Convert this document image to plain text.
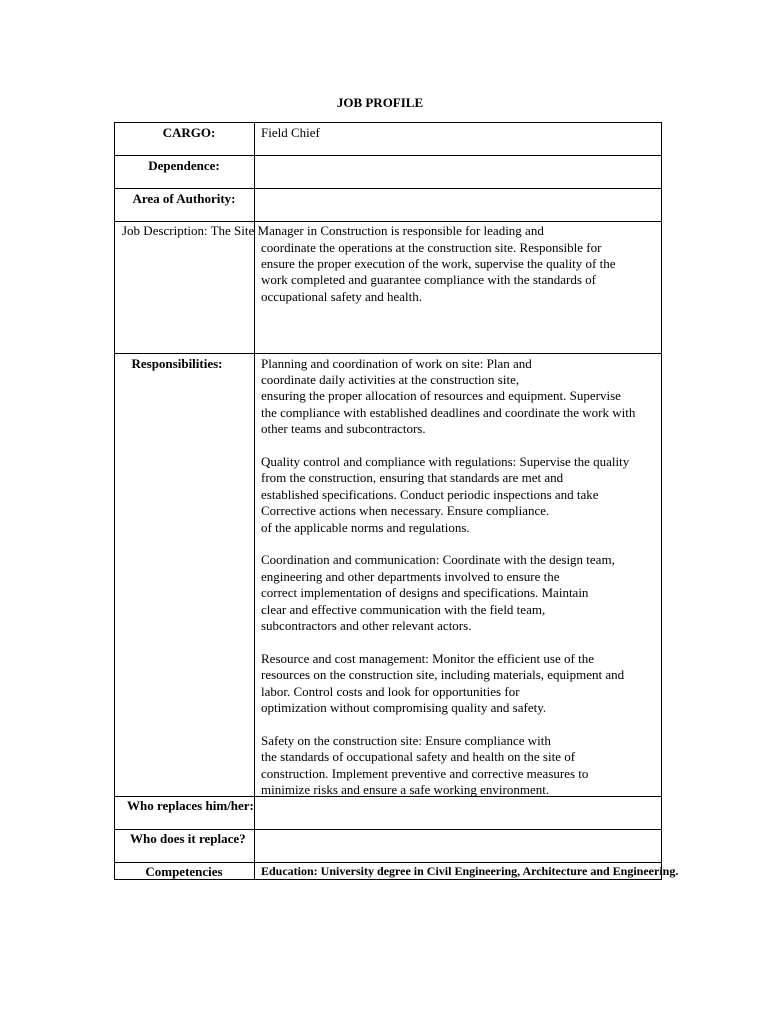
JOB PROFILE
CARGO:	Field Chief
Dependence:
Area of Authority:
Job Description: The Site Manager in Construction is responsible for leading and
coordinate the operations at the construction site. Responsible for
ensure the proper execution of the work, supervise the quality of the
work completed and guarantee compliance with the standards of
occupational safety and health.
Responsibilities:	Planning and coordination of work on site: Plan and
coordinate daily activities at the construction site,
ensuring the proper allocation of resources and equipment. Supervise
the compliance with established deadlines and coordinate the work with
other teams and subcontractors.

Quality control and compliance with regulations: Supervise the quality
from the construction, ensuring that standards are met and
established specifications. Conduct periodic inspections and take
Corrective actions when necessary. Ensure compliance.
of the applicable norms and regulations.

Coordination and communication: Coordinate with the design team,
engineering and other departments involved to ensure the
correct implementation of designs and specifications. Maintain
clear and effective communication with the field team,
subcontractors and other relevant actors.

Resource and cost management: Monitor the efficient use of the
resources on the construction site, including materials, equipment and
labor. Control costs and look for opportunities for
optimization without compromising quality and safety.

Safety on the construction site: Ensure compliance with
the standards of occupational safety and health on the site of
construction. Implement preventive and corrective measures to
minimize risks and ensure a safe working environment.

Who replaces him/her:
Who does it replace?
Competencies	Education: University degree in Civil Engineering, Architecture and Engineering.
